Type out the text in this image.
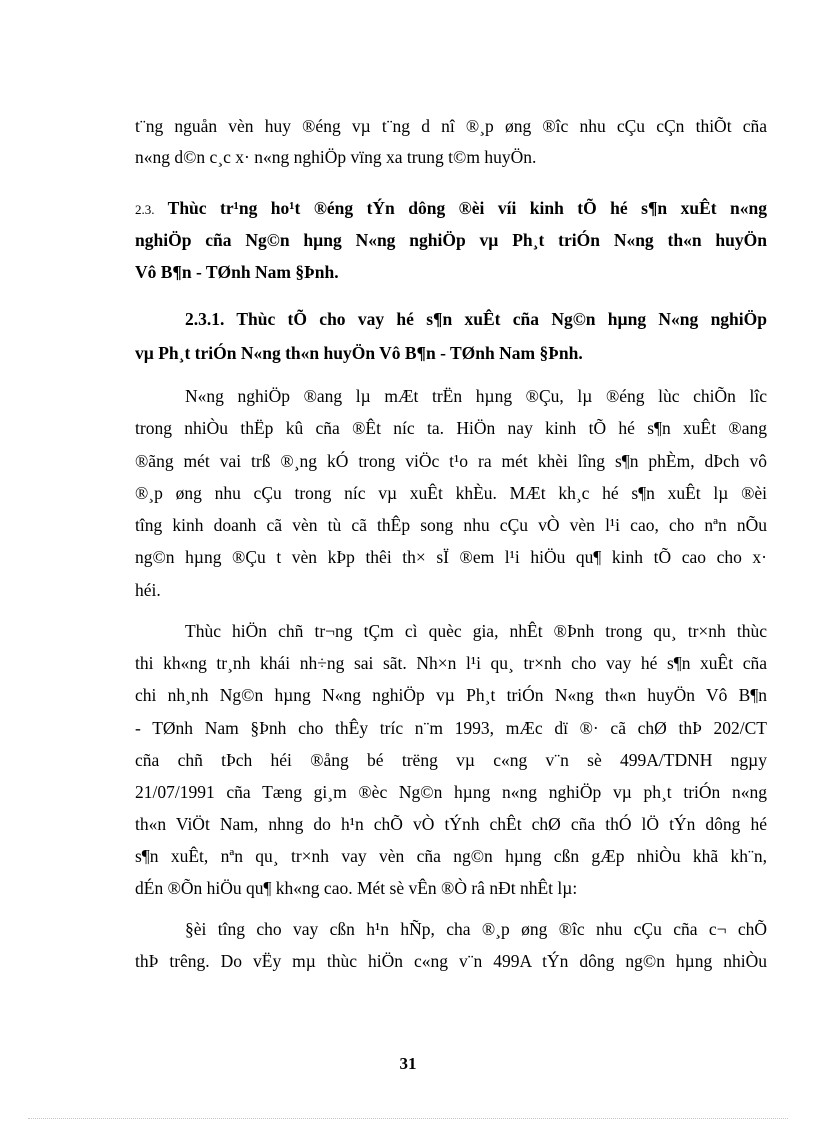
t¨ng nguån vèn huy ®éng vµ t¨ng d nî ®¸p øng ®îc nhu cÇu cÇn thiÕt cña
n«ng d©n c¸c x· n«ng nghiÖp vïng xa trung t©m huyÖn.
2.3. Thùc tr¹ng ho¹t ®éng tÝn dông ®èi víi kinh tÕ hé s¶n xuÊt n«ng
nghiÖp cña Ng©n hµng N«ng nghiÖp vµ Ph¸t triÓn N«ng th«n huyÖn
Vô B¶n - TØnh Nam §Þnh.
2.3.1. Thùc tÕ cho vay hé s¶n xuÊt cña Ng©n hµng N«ng nghiÖp
vµ Ph¸t triÓn N«ng th«n huyÖn Vô B¶n - TØnh Nam §Þnh.
N«ng nghiÖp ®ang lµ mÆt trËn hµng ®Çu, lµ ®éng lùc chiÕn lîc
trong nhiÒu thËp kû cña ®Êt níc ta. HiÖn nay kinh tÕ hé s¶n xuÊt ®ang
®ãng mét vai trß ®¸ng kÓ trong viÖc t¹o ra mét khèi lîng s¶n phÈm, dÞch vô
®¸p øng nhu cÇu trong níc vµ xuÊt khÈu. MÆt kh¸c hé s¶n xuÊt lµ ®èi
tîng kinh doanh cã vèn tù cã thÊp song nhu cÇu vÒ vèn l¹i cao, cho nªn nÕu
ng©n hµng ®Çu t vèn kÞp thêi th× sÏ ®em l¹i hiÖu qu¶ kinh tÕ cao cho x·
héi.
Thùc hiÖn chñ tr¬ng tÇm cì quèc gia, nhÊt ®Þnh trong qu¸ tr×nh thùc
thi kh«ng tr¸nh khái nh÷ng sai sãt. Nh×n l¹i qu¸ tr×nh cho vay hé s¶n xuÊt cña
chi nh¸nh Ng©n hµng N«ng nghiÖp vµ Ph¸t triÓn N«ng th«n huyÖn Vô B¶n
- TØnh Nam §Þnh cho thÊy tríc n¨m 1993, mÆc dï ®· cã chØ thÞ 202/CT
cña chñ tÞch héi ®ång bé trëng vµ c«ng v¨n sè 499A/TDNH ngµy
21/07/1991 cña Tæng gi¸m ®èc Ng©n hµng n«ng nghiÖp vµ ph¸t triÓn n«ng
th«n ViÖt Nam, nhng do h¹n chÕ vÒ tÝnh chÊt chØ cña thÓ lÖ tÝn dông hé
s¶n xuÊt, nªn qu¸ tr×nh vay vèn cña ng©n hµng cßn gÆp nhiÒu khã kh¨n,
dÉn ®Õn hiÖu qu¶ kh«ng cao. Mét sè vÊn ®Ò râ nÐt nhÊt lµ:
§èi tîng cho vay cßn h¹n hÑp, cha ®¸p øng ®îc nhu cÇu cña c¬ chÕ
thÞ trêng. Do vËy mµ thùc hiÖn c«ng v¨n 499A tÝn dông ng©n hµng nhiÒu
31
